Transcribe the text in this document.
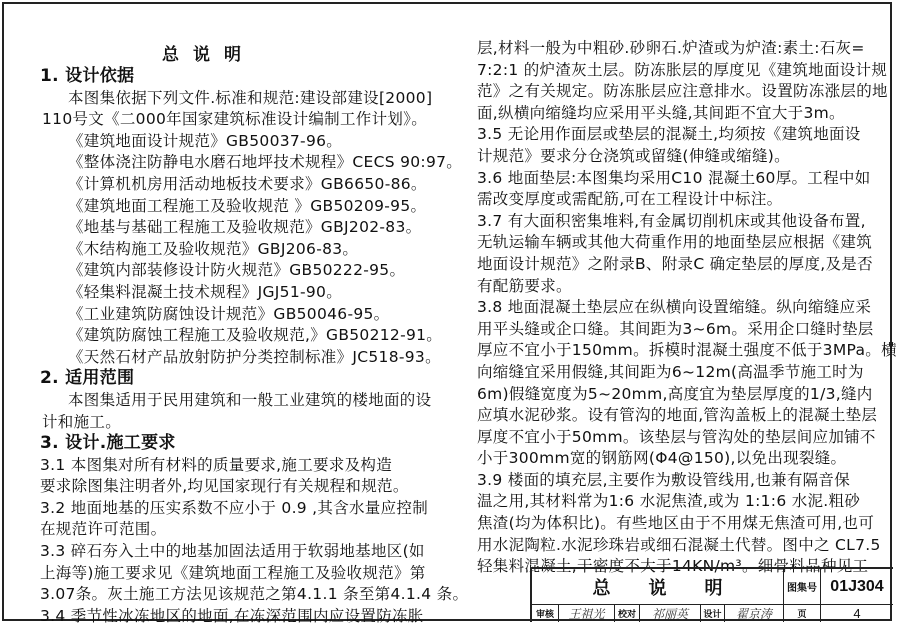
总说明
1. 设计依据
本图集依据下列文件.标准和规范:建设部建设[2000]
110号文《二000年国家建筑标准设计编制工作计划》。
《建筑地面设计规范》GB50037-96。
《整体浇注防静电水磨石地坪技术规程》CECS 90:97。
《计算机机房用活动地板技术要求》GB6650-86。
《建筑地面工程施工及验收规范 》GB50209-95。
《地基与基础工程施工及验收规范》GBJ202-83。
《木结构施工及验收规范》GBJ206-83。
《建筑内部装修设计防火规范》GB50222-95。
《轻集料混凝土技术规程》JGJ51-90。
《工业建筑防腐蚀设计规范》GB50046-95。
《建筑防腐蚀工程施工及验收规范,》GB50212-91。
《天然石材产品放射防护分类控制标准》JC518-93。
2. 适用范围
本图集适用于民用建筑和一般工业建筑的楼地面的设
计和施工。
3. 设计.施工要求
3.1 本图集对所有材料的质量要求,施工要求及构造
要求除图集注明者外,均见国家现行有关规程和规范。
3.2 地面地基的压实系数不应小于 0.9 ,其含水量应控制
在规范许可范围。
3.3 碎石夯入土中的地基加固法适用于软弱地基地区(如
上海等)施工要求见《建筑地面工程施工及验收规范》第
3.07条。灰土施工方法见该规范之第4.1.1 条至第4.1.4 条。
3.4 季节性冰冻地区的地面,在冻深范围内应设置防冻胀
层,材料一般为中粗砂.砂卵石.炉渣或为炉渣:素土:石灰=
7:2:1 的炉渣灰土层。防冻胀层的厚度见《建筑地面设计规
范》之有关规定。防冻胀层应注意排水。设置防冻涨层的地
面,纵横向缩缝均应采用平头缝,其间距不宜大于3m。
3.5 无论用作面层或垫层的混凝土,均须按《建筑地面设
计规范》要求分仓浇筑或留缝(伸缝或缩缝)。
3.6 地面垫层:本图集均采用C10 混凝土60厚。工程中如
需改变厚度或需配筋,可在工程设计中标注。
3.7 有大面积密集堆料,有金属切削机床或其他设备布置,
无轨运输车辆或其他大荷重作用的地面垫层应根据《建筑
地面设计规范》之附录B、附录C 确定垫层的厚度,及是否
有配筋要求。
3.8 地面混凝土垫层应在纵横向设置缩缝。纵向缩缝应采
用平头缝或企口缝。其间距为3~6m。采用企口缝时垫层
厚应不宜小于150mm。拆模时混凝土强度不低于3MPa。横
向缩缝宜采用假缝,其间距为6~12m(高温季节施工时为
6m)假缝宽度为5~20mm,高度宜为垫层厚度的1/3,缝内
应填水泥砂浆。设有管沟的地面,管沟盖板上的混凝土垫层
厚度不宜小于50mm。该垫层与管沟处的垫层间应加铺不
小于300mm宽的钢筋网(Φ4@150),以免出现裂缝。
3.9 楼面的填充层,主要作为敷设管线用,也兼有隔音保
温之用,其材料常为1:6 水泥焦渣,或为 1:1:6 水泥.粗砂
焦渣(均为体积比)。有些地区由于不用煤无焦渣可用,也可
用水泥陶粒.水泥珍珠岩或细石混凝土代替。图中之 CL7.5
轻集料混凝土,干密度不大于14KN/m³。细骨料品种见工
总说明	图集号 01J304
审核	王祖光	校对	祁丽英	设计	翟京涛	页	4
